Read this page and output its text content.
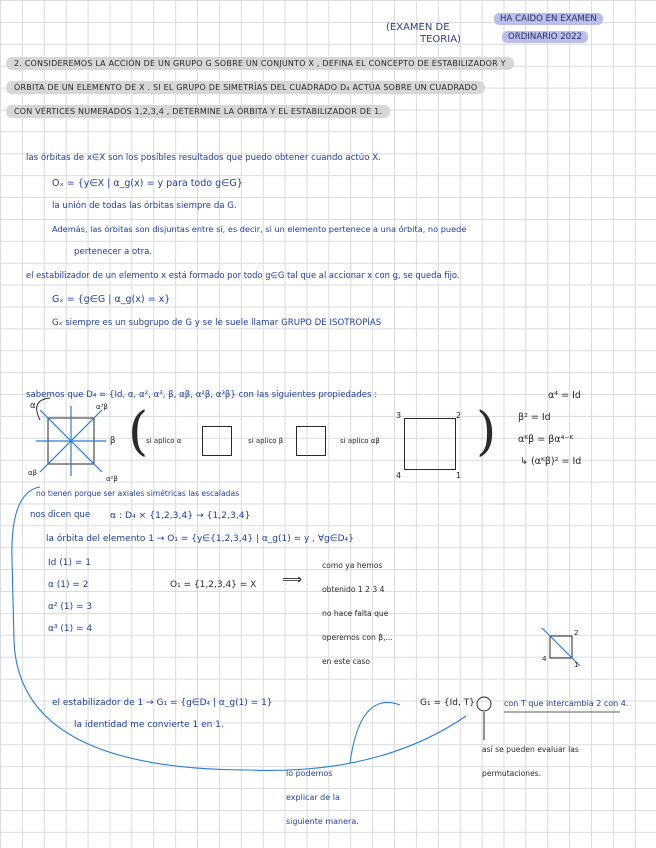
(EXAMEN DE
TEORIA)
HA CAIDO EN EXAMEN
ORDINARIO 2022
2. CONSIDEREMOS LA ACCIÓN DE UN GRUPO G SOBRE UN CONJUNTO X , DEFINA EL CONCEPTO DE ESTABILIZADOR Y
ÓRBITA DE UN ELEMENTO DE X . SI EL GRUPO DE SIMETRÍAS DEL CUADRADO D₄ ACTÚA SOBRE UN CUADRADO
CON VÉRTICES NUMERADOS 1,2,3,4 , DETERMINE LA ÓRBITA Y EL ESTABILIZADOR DE 1.
las órbitas de x∈X son los posibles resultados que puedo obtener cuando actúo X.
Oₓ = {y∈X | α_g(x) = y para todo g∈G}
la unión de todas las órbitas siempre da G.
Además, las órbitas son disjuntas entre sí, es decir, si un elemento pertenece a una órbita, no puede
pertenecer a otra.
el estabilizador de un elemento x está formado por todo g∈G tal que al accionar x con g, se queda fijo.
Gₓ = {g∈G | α_g(x) = x}
Gₓ siempre es un subgrupo de G y se le suele llamar GRUPO DE ISOTROPÍAS
sabemos que D₄ = {Id, α, α², α³, β, αβ, α²β, α³β} con las siguientes propiedades :	α⁴ = Id
β² = Id
αᴷβ = βα⁴⁻ᴷ
↳ (αᴷβ)² = Id
α
β
α³β
αβ
α²β
(	)
si aplico α	si aplico β	si aplico αβ
3	2
4	1
no tienen porque ser axiales simétricas las escaladas
nos dicen que α : D₄ × {1,2,3,4} → {1,2,3,4}
la órbita del elemento 1 → O₁ = {y∈{1,2,3,4} | α_g(1) = y , ∀g∈D₄}
Id (1) = 1
α (1) = 2
α² (1) = 3
α³ (1) = 4
O₁ = {1,2,3,4} = X ⟹
como ya hemos
obtenido 1 2 3 4
no hace falta que
operemos con β,...
en este caso
el estabilizador de 1 → G₁ = {g∈D₄ | α_g(1) = 1}
la identidad me convierte 1 en 1.
G₁ = {Id, T}	con T que intercambia 2 con 4.
así se pueden evaluar las
permutaciones.
lo podemos
explicar de la
siguiente manera.
1
4
2
